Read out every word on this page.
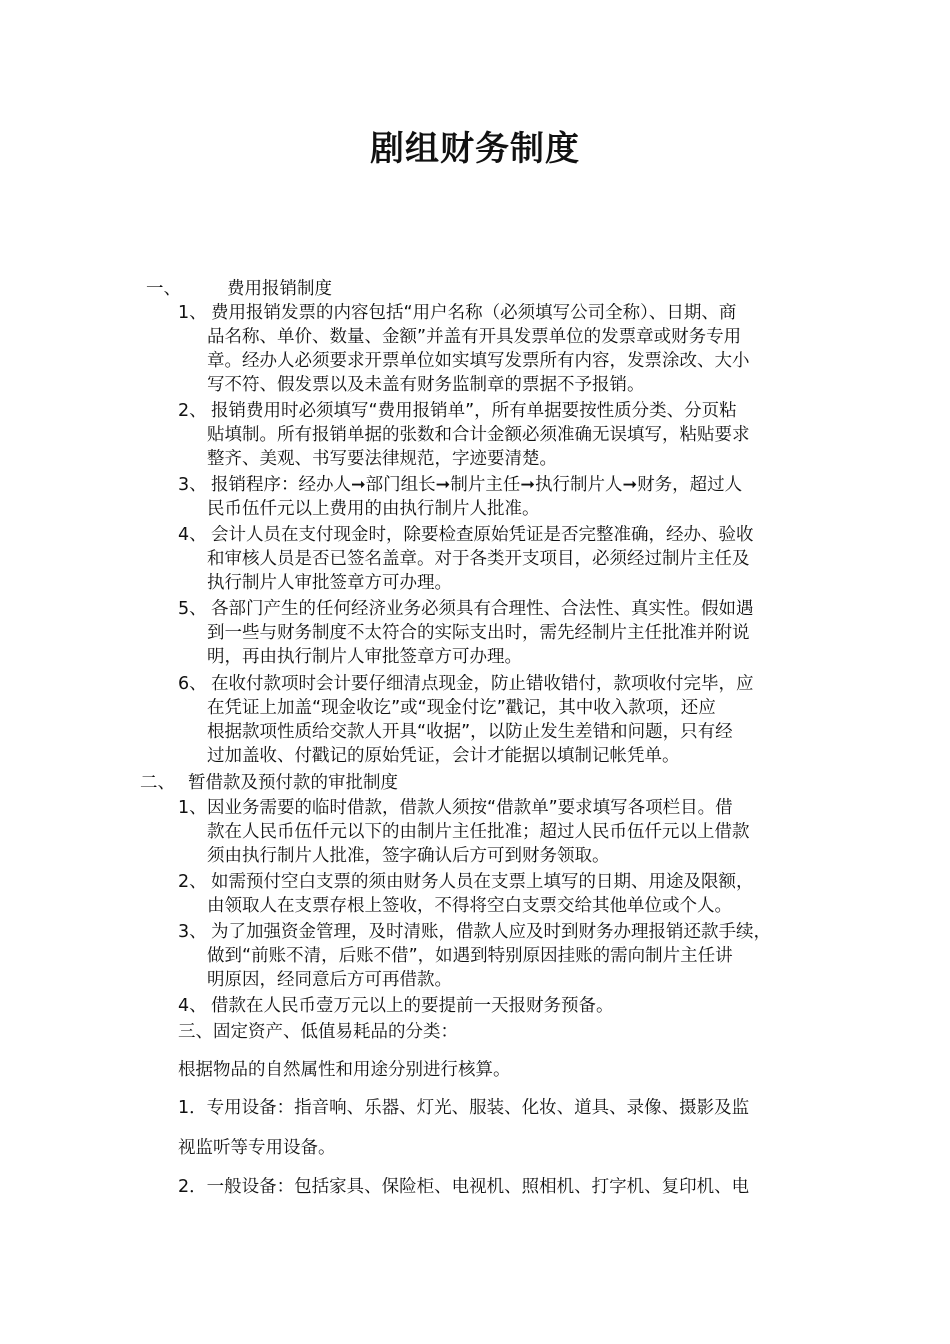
剧组财务制度
一、	费用报销制度
1、 费用报销发票的内容包括“用户名称（必须填写公司全称）、日期、商
品名称、单价、数量、金额”并盖有开具发票单位的发票章或财务专用
章。经办人必须要求开票单位如实填写发票所有内容，发票涂改、大小
写不符、假发票以及未盖有财务监制章的票据不予报销。
2、 报销费用时必须填写“费用报销单”，所有单据要按性质分类、分页粘
贴填制。所有报销单据的张数和合计金额必须准确无误填写，粘贴要求
整齐、美观、书写要法律规范，字迹要清楚。
3、 报销程序：经办人➞部门组长➞制片主任➞执行制片人➞财务，超过人
民币伍仟元以上费用的由执行制片人批准。
4、 会计人员在支付现金时，除要检查原始凭证是否完整准确，经办、验收
和审核人员是否已签名盖章。对于各类开支项目，必须经过制片主任及
执行制片人审批签章方可办理。
5、 各部门产生的任何经济业务必须具有合理性、合法性、真实性。假如遇
到一些与财务制度不太符合的实际支出时，需先经制片主任批准并附说
明，再由执行制片人审批签章方可办理。
6、 在收付款项时会计要仔细清点现金，防止错收错付，款项收付完毕，应
在凭证上加盖“现金收讫”或“现金付讫”戳记，其中收入款项，还应
根据款项性质给交款人开具“收据”，以防止发生差错和问题，只有经
过加盖收、付戳记的原始凭证，会计才能据以填制记帐凭单。
二、 暂借款及预付款的审批制度
1、 因业务需要的临时借款，借款人须按“借款单”要求填写各项栏目。借
款在人民币伍仟元以下的由制片主任批准；超过人民币伍仟元以上借款
须由执行制片人批准，签字确认后方可到财务领取。
2、 如需预付空白支票的须由财务人员在支票上填写的日期、用途及限额，
由领取人在支票存根上签收，不得将空白支票交给其他单位或个人。
3、 为了加强资金管理，及时清账，借款人应及时到财务办理报销还款手续，
做到“前账不清，后账不借”，如遇到特别原因挂账的需向制片主任讲
明原因，经同意后方可再借款。
4、 借款在人民币壹万元以上的要提前一天报财务预备。
三、固定资产、低值易耗品的分类：
根据物品的自然属性和用途分别进行核算。
1．专用设备：指音响、乐器、灯光、服装、化妆、道具、录像、摄影及监
视监听等专用设备。
2．一般设备：包括家具、保险柜、电视机、照相机、打字机、复印机、电
